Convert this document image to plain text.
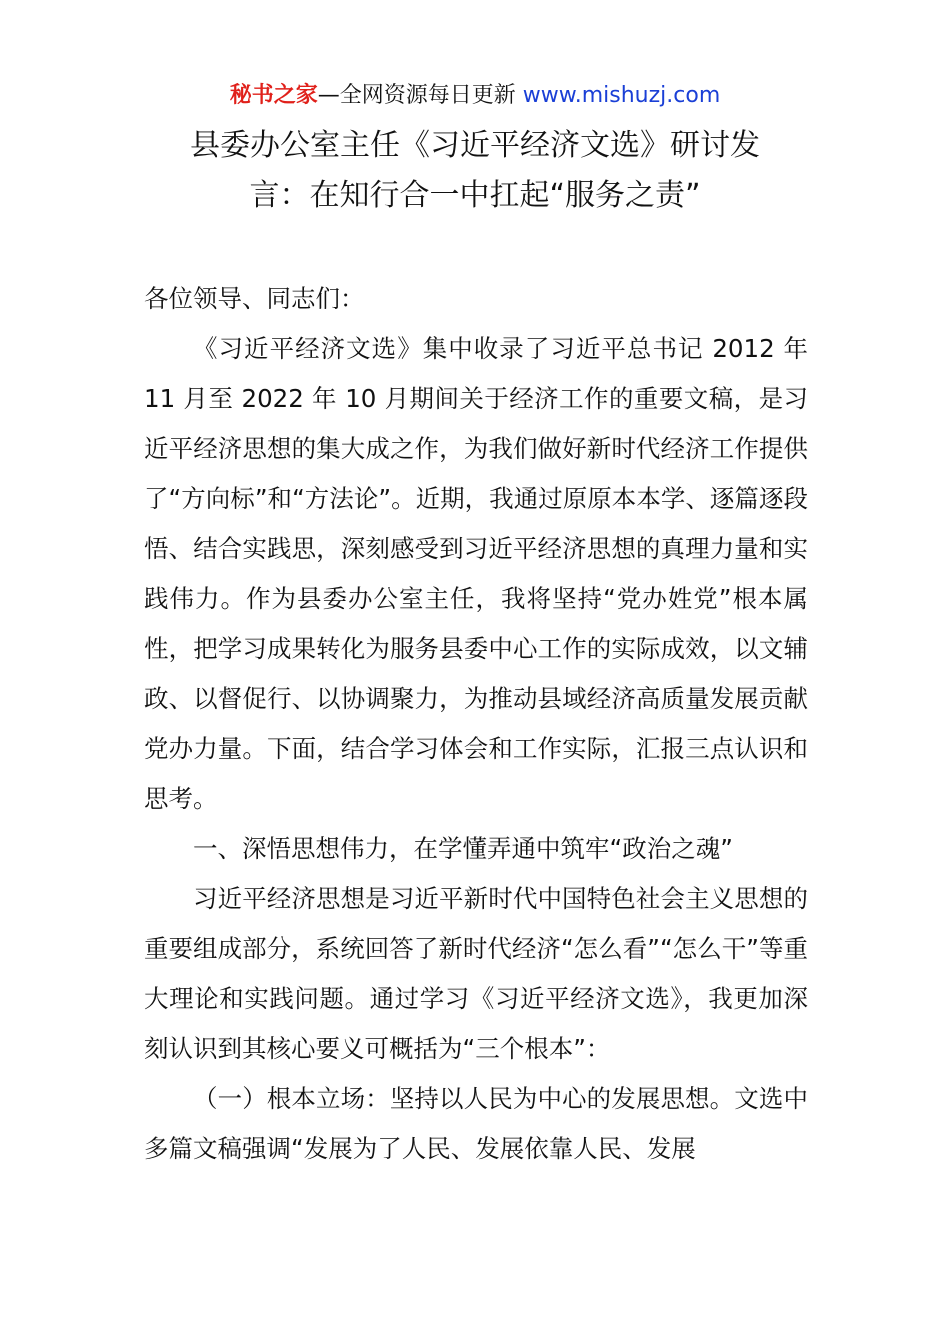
秘书之家—全网资源每日更新 www.mishuzj.com
县委办公室主任《习近平经济文选》研讨发
言：在知行合一中扛起“服务之责”

各位领导、同志们：

《习近平经济文选》集中收录了习近平总书记 2012 年 11 月至 2022 年 10 月期间关于经济工作的重要文稿，是习近平经济思想的集大成之作，为我们做好新时代经济工作提供了“方向标”和“方法论”。近期，我通过原原本本学、逐篇逐段悟、结合实践思，深刻感受到习近平经济思想的真理力量和实践伟力。作为县委办公室主任，我将坚持“党办姓党”根本属性，把学习成果转化为服务县委中心工作的实际成效，以文辅政、以督促行、以协调聚力，为推动县域经济高质量发展贡献党办力量。下面，结合学习体会和工作实际，汇报三点认识和思考。

一、深悟思想伟力，在学懂弄通中筑牢“政治之魂”

习近平经济思想是习近平新时代中国特色社会主义思想的重要组成部分，系统回答了新时代经济“怎么看”“怎么干”等重大理论和实践问题。通过学习《习近平经济文选》，我更加深刻认识到其核心要义可概括为“三个根本”：

（一）根本立场：坚持以人民为中心的发展思想。文选中多篇文稿强调“发展为了人民、发展依靠人民、发展
